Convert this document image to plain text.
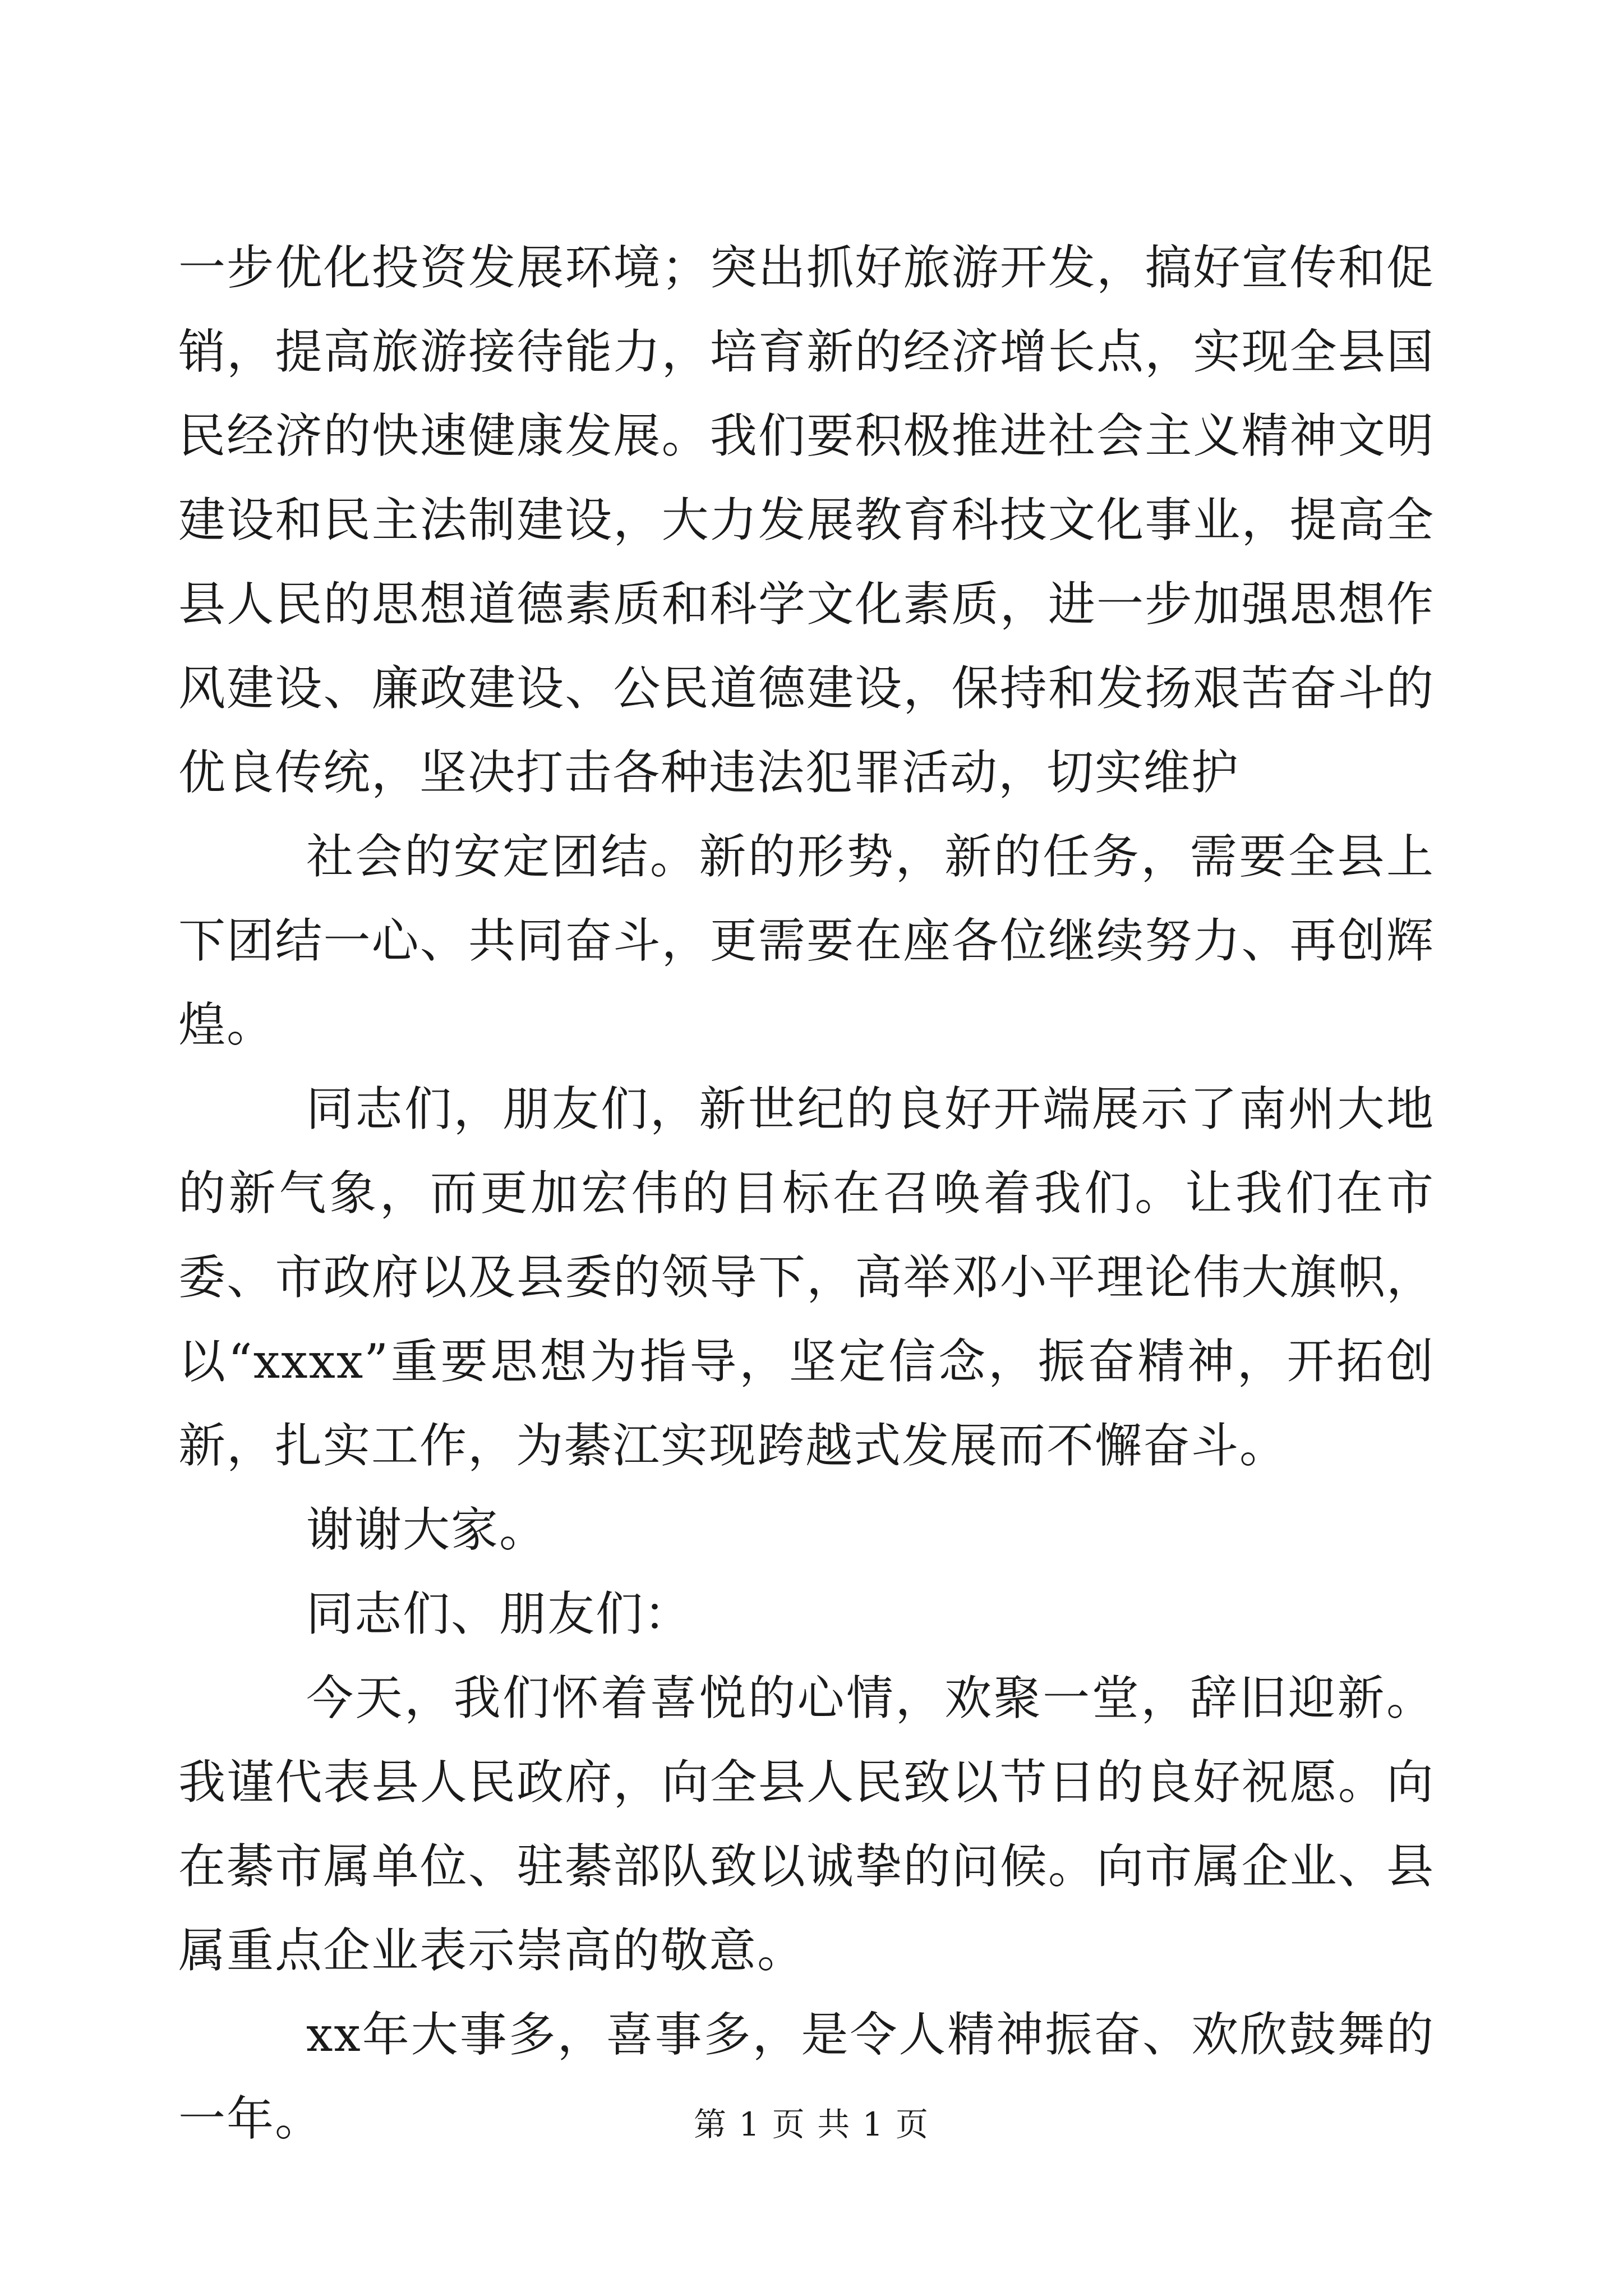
一步优化投资发展环境；突出抓好旅游开发，搞好宣传和促销，提高旅游接待能力，培育新的经济增长点，实现全县国民经济的快速健康发展。我们要积极推进社会主义精神文明建设和民主法制建设，大力发展教育科技文化事业，提高全县人民的思想道德素质和科学文化素质，进一步加强思想作风建设、廉政建设、公民道德建设，保持和发扬艰苦奋斗的优良传统，坚决打击各种违法犯罪活动，切实维护

社会的安定团结。新的形势，新的任务，需要全县上下团结一心、共同奋斗，更需要在座各位继续努力、再创辉煌。

同志们，朋友们，新世纪的良好开端展示了南州大地的新气象，而更加宏伟的目标在召唤着我们。让我们在市委、市政府以及县委的领导下，高举邓小平理论伟大旗帜，以“xxxx”重要思想为指导，坚定信念，振奋精神，开拓创新，扎实工作，为綦江实现跨越式发展而不懈奋斗。

谢谢大家。

同志们、朋友们：

今天，我们怀着喜悦的心情，欢聚一堂，辞旧迎新。我谨代表县人民政府，向全县人民致以节日的良好祝愿。向在綦市属单位、驻綦部队致以诚挚的问候。向市属企业、县属重点企业表示崇高的敬意。

xx年大事多，喜事多，是令人精神振奋、欢欣鼓舞的一年。	第 1 页 共 1 页
